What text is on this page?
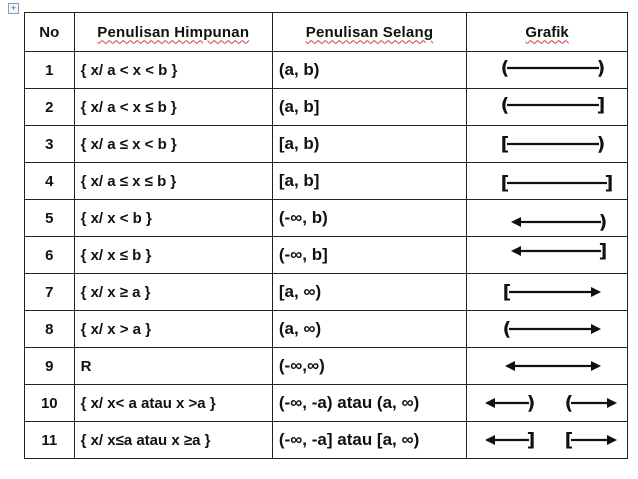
+
No	Penulisan Himpunan	Penulisan Selang	Grafik
1	{ x/ a < x < b }	(a, b)	( )

2	{ x/ a < x ≤ b }	(a, b]	( ]

3	{ x/ a ≤ x < b }	[a, b)	[ )

4	{ x/ a ≤ x ≤ b }	[a, b]	[ ]

5	{ x/ x < b }	(-∞, b)	)

6	{ x/ x ≤ b }	(-∞, b]	]

7	{ x/ x ≥ a }	[a, ∞)	[

8	{ x/ x > a }	(a, ∞)	(

9	R	(-∞,∞)	

10	{ x/ x< a atau x >a }	(-∞, -a) atau (a, ∞)	) (

11	{ x/ x≤a atau x ≥a }	(-∞, -a] atau [a, ∞)	] [
